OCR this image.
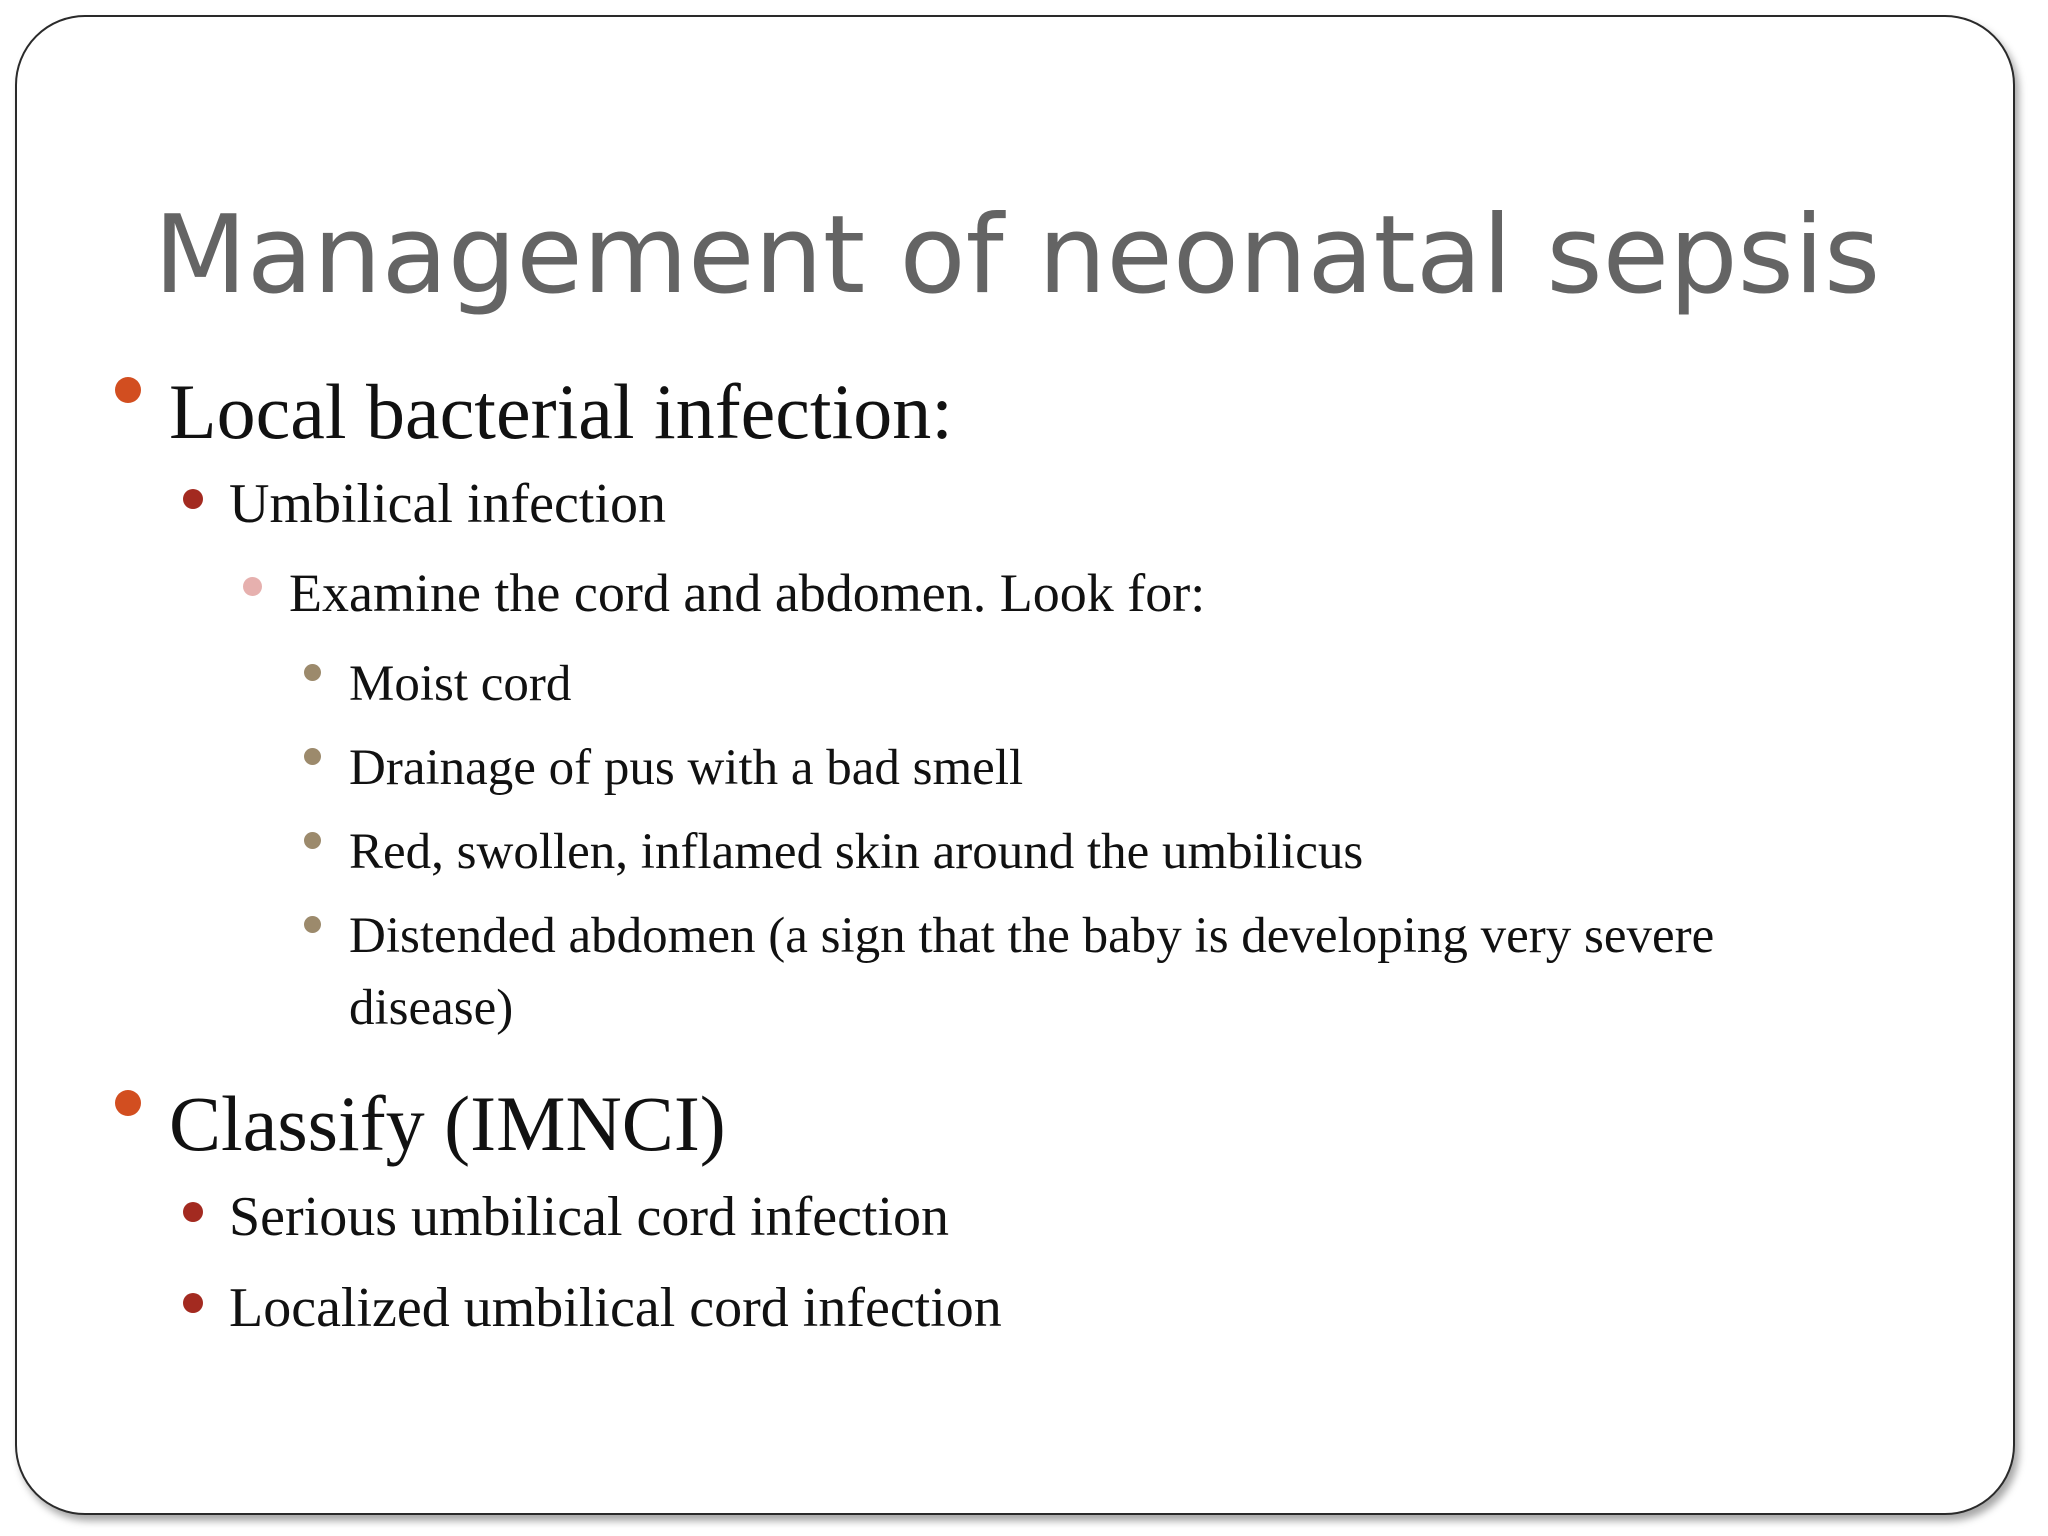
Management of neonatal sepsis
Local bacterial infection:
Umbilical infection
Examine the cord and abdomen. Look for:
Moist cord
Drainage of pus with a bad smell
Red, swollen, inflamed skin around the umbilicus
Distended abdomen (a sign that the baby is developing very severe disease)
Classify (IMNCI)
Serious umbilical cord infection
Localized umbilical cord infection
